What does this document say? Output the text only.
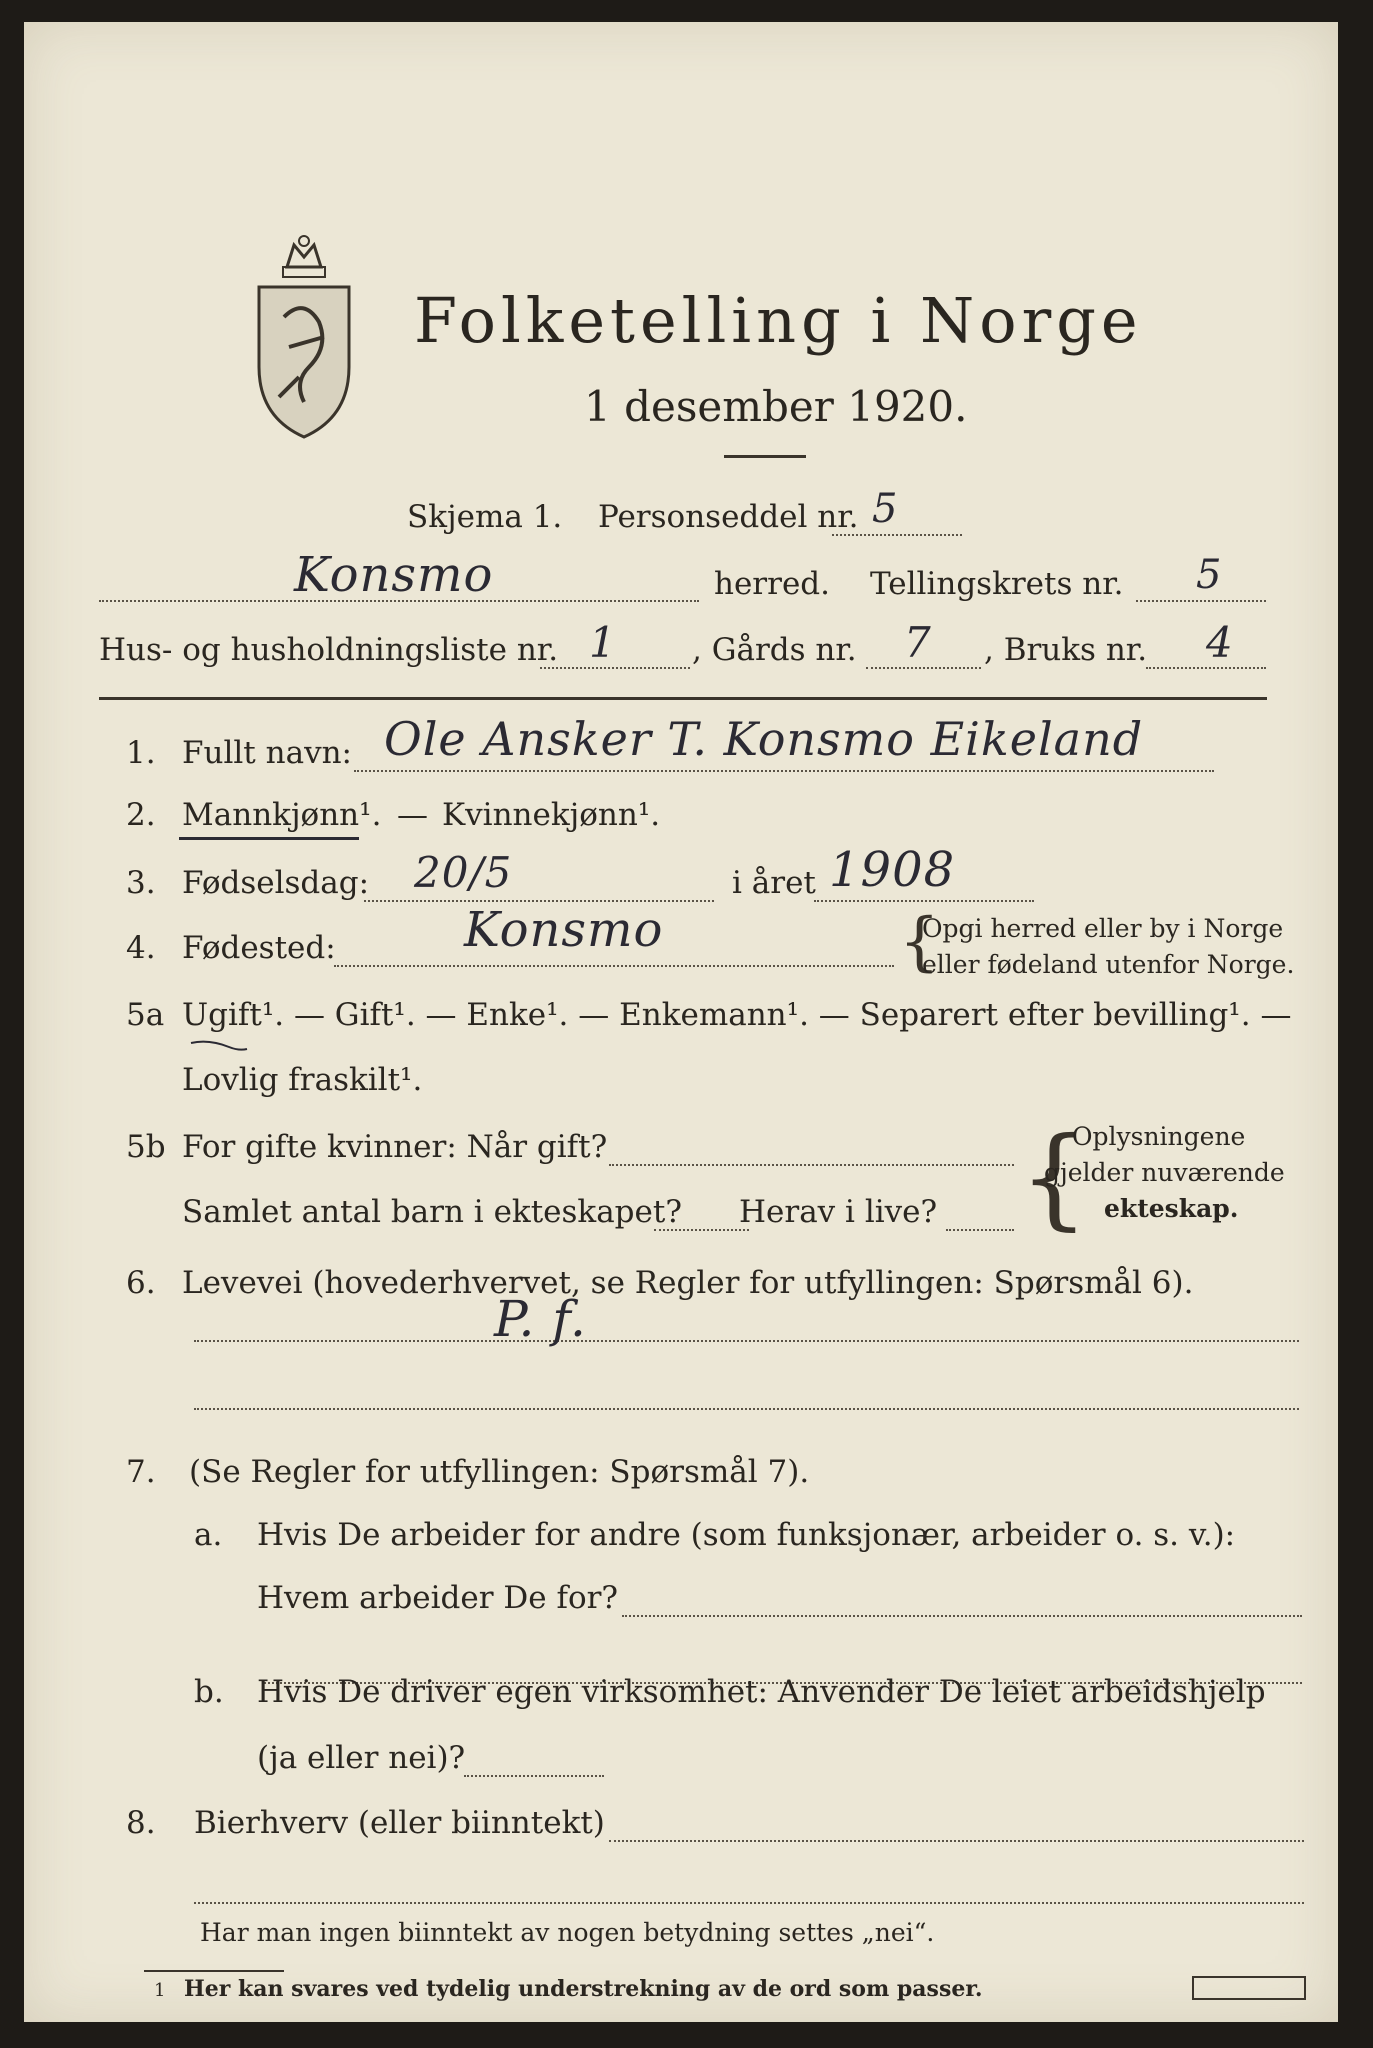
Folketelling i Norge
1 desember 1920.
Skjema 1. Personseddel nr. 5
Konsmo	herred. Tellingskrets nr. 5
Hus- og husholdningsliste nr. 1 , Gårds nr. 7 , Bruks nr. 4
1. Fullt navn: Ole Ansker T. Konsmo Eikeland
2. Mannkjønn¹. — Kvinnekjønn¹.
3. Fødselsdag: 20/5	i året 1908
4. Fødested:	Konsmo	{
Opgi herred eller by i Norge
eller fødeland utenfor Norge.
5a Ugift¹. — Gift¹. — Enke¹. — Enkemann¹. — Separert efter bevilling¹. —
Lovlig fraskilt¹.
5b For gifte kvinner: Når gift?
Samlet antal barn i ekteskapet? Herav i live? {
Oplysningene
gjelder nuværende
ekteskap.
6. Levevei (hovederhvervet, se Regler for utfyllingen: Spørsmål 6).
P. f.
7. (Se Regler for utfyllingen: Spørsmål 7).
a. Hvis De arbeider for andre (som funksjonær, arbeider o. s. v.):
Hvem arbeider De for?
b. Hvis De driver egen virksomhet: Anvender De leiet arbeidshjelp
(ja eller nei)?
8. Bierhverv (eller biinntekt)
Har man ingen biinntekt av nogen betydning settes „nei“.
1 Her kan svares ved tydelig understrekning av de ord som passer.
